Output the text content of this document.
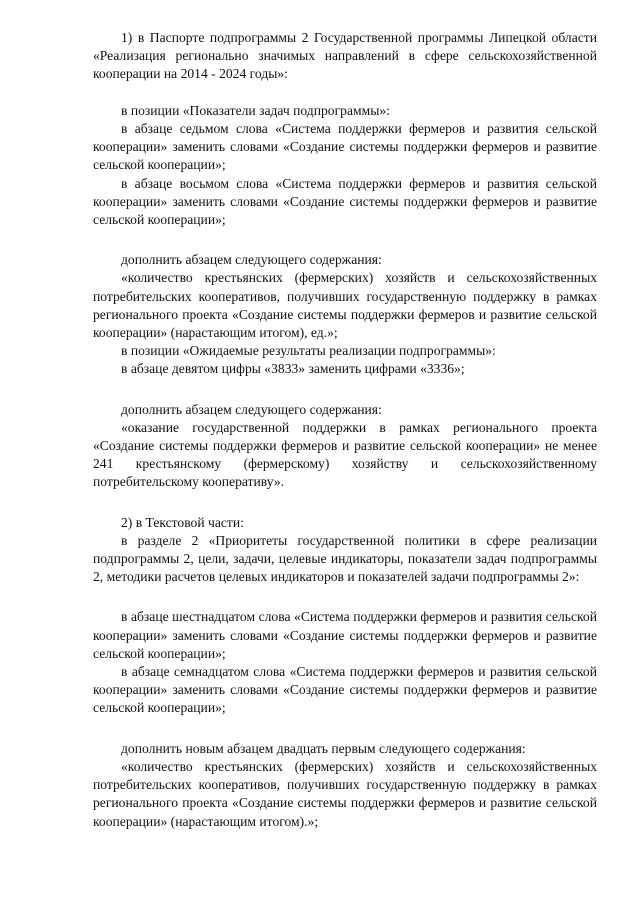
1) в Паспорте подпрограммы 2 Государственной программы Липецкой области «Реализация регионально значимых направлений в сфере сельскохозяйственной кооперации на 2014 - 2024 годы»:

в позиции «Показатели задач подпрограммы»:

в абзаце седьмом слова «Система поддержки фермеров и развития сельской кооперации» заменить словами «Создание системы поддержки фермеров и развитие сельской кооперации»;

в абзаце восьмом слова «Система поддержки фермеров и развития сельской кооперации» заменить словами «Создание системы поддержки фермеров и развитие сельской кооперации»;

дополнить абзацем следующего содержания:

«количество крестьянских (фермерских) хозяйств и сельскохозяйственных потребительских кооперативов, получивших государственную поддержку в рамках регионального проекта «Создание системы поддержки фермеров и развитие сельской кооперации» (нарастающим итогом), ед.»;

в позиции «Ожидаемые результаты реализации подпрограммы»:

в абзаце девятом цифры «3833» заменить цифрами «3336»;

дополнить абзацем следующего содержания:

«оказание государственной поддержки в рамках регионального проекта «Создание системы поддержки фермеров и развитие сельской кооперации» не менее 241 крестьянскому (фермерскому) хозяйству и сельскохозяйственному потребительскому кооперативу».

2) в Текстовой части:

в разделе 2 «Приоритеты государственной политики в сфере реализации подпрограммы 2, цели, задачи, целевые индикаторы, показатели задач подпрограммы 2, методики расчетов целевых индикаторов и показателей задачи подпрограммы 2»:

в абзаце шестнадцатом слова «Система поддержки фермеров и развития сельской кооперации» заменить словами «Создание системы поддержки фермеров и развитие сельской кооперации»;

в абзаце семнадцатом слова «Система поддержки фермеров и развития сельской кооперации» заменить словами «Создание системы поддержки фермеров и развитие сельской кооперации»;

дополнить новым абзацем двадцать первым следующего содержания:

«количество крестьянских (фермерских) хозяйств и сельскохозяйственных потребительских кооперативов, получивших государственную поддержку в рамках регионального проекта «Создание системы поддержки фермеров и развитие сельской кооперации» (нарастающим итогом).»;
